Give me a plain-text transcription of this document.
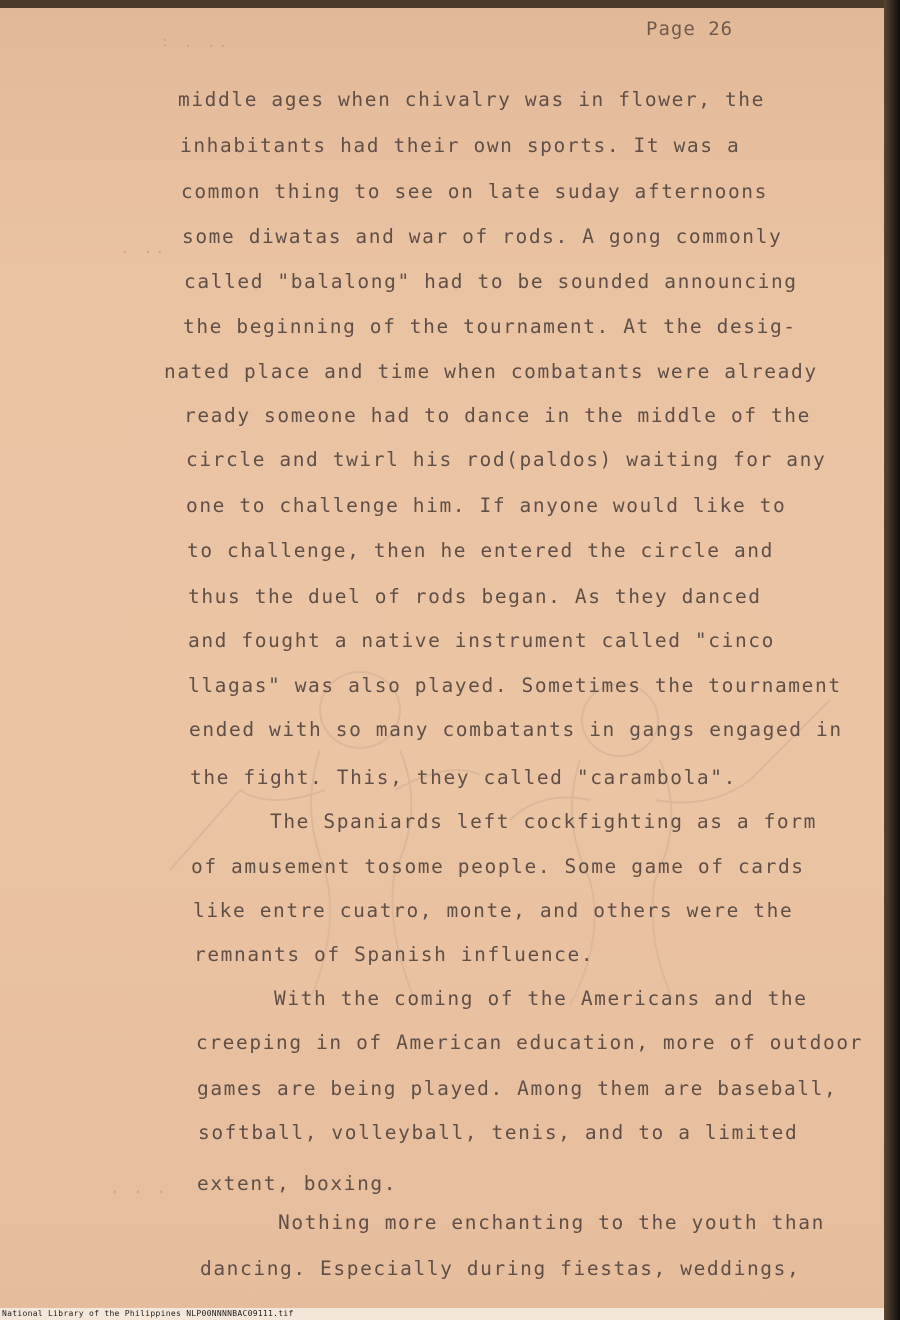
: . ..
. ..
. . .
Page 26
middle ages when chivalry was in flower, the
inhabitants had their own sports. It was a
common thing to see on late suday afternoons
some diwatas and war of rods. A gong commonly
called "balalong" had to be sounded announcing
the beginning of the tournament. At the desig-
nated place and time when combatants were already
ready someone had to dance in the middle of the
circle and twirl his rod(paldos) waiting for any
one to challenge him. If anyone would like to
to challenge, then he entered the circle and
thus the duel of rods began. As they danced
and fought a native instrument called "cinco
llagas" was also played. Sometimes the tournament
ended with so many combatants in gangs engaged in
the fight. This, they called "carambola".
The Spaniards left cockfighting as a form
of amusement tosome people. Some game of cards
like entre cuatro, monte, and others were the
remnants of Spanish influence.
With the coming of the Americans and the
creeping in of American education, more of outdoor
games are being played. Among them are baseball,
softball, volleyball, tenis, and to a limited
extent, boxing.
Nothing more enchanting to the youth than
dancing. Especially during fiestas, weddings,
National Library of the Philippines NLP00NNNNBAC09111.tif
